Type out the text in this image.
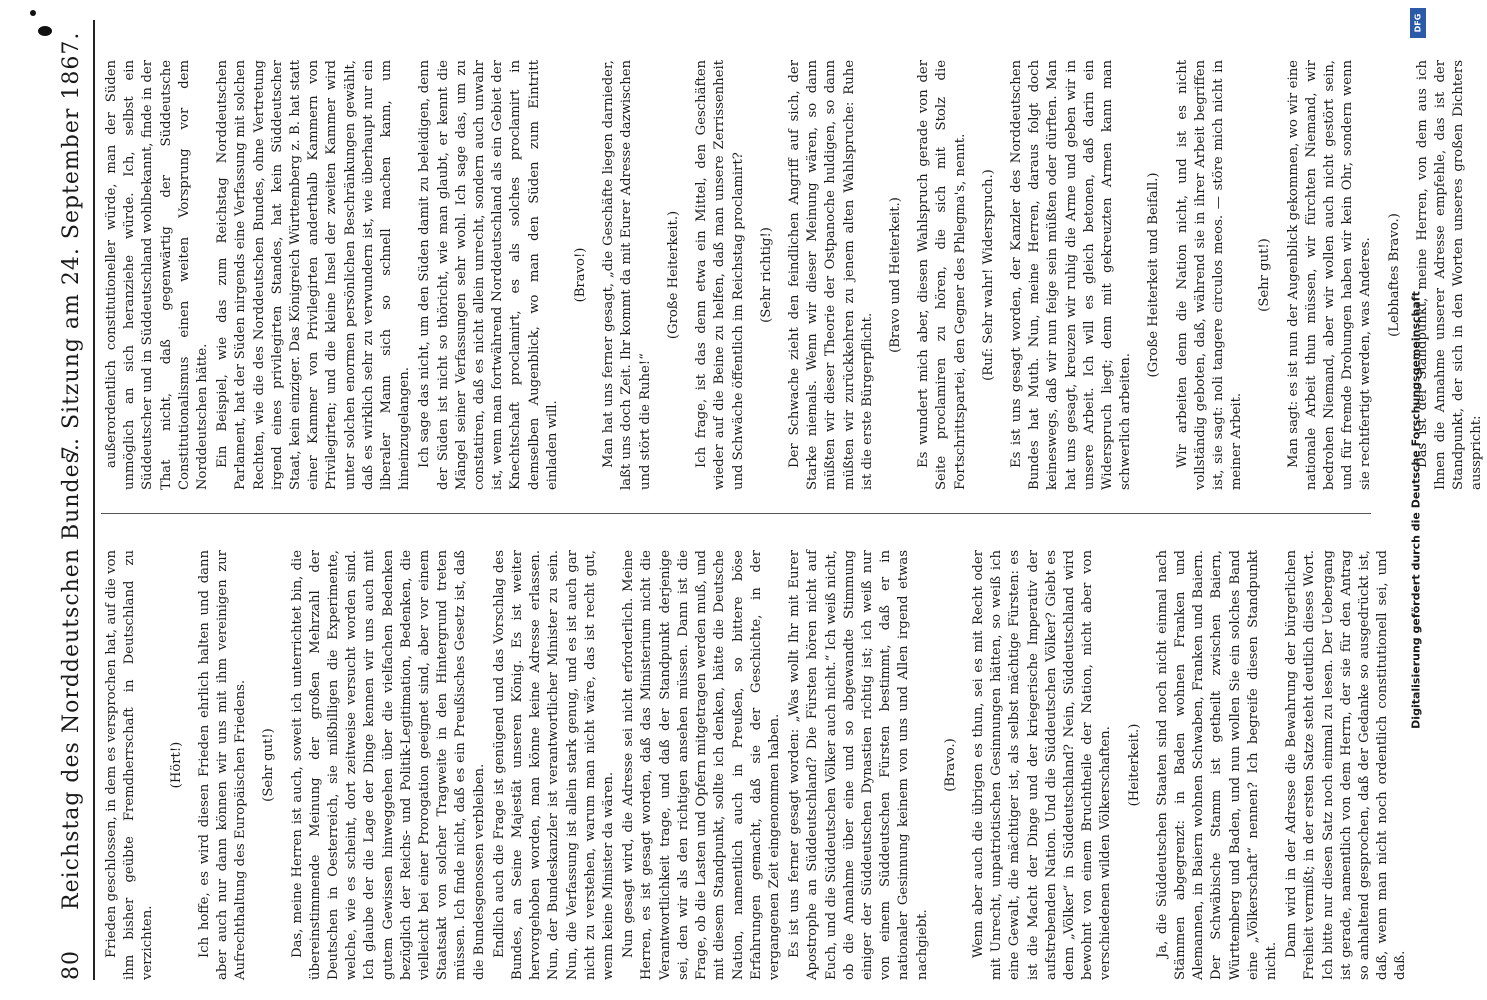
80
Reichstag des Norddeutschen Bundes.
7. Sitzung am 24. September 1867.

Frieden geschlossen, in dem es versprochen hat, auf die von ihm bisher geübte Fremdherrschaft in Deutschland zu verzichten.

(Hört!) Ich hoffe, es wird diesen Frieden ehrlich halten und dann aber auch nur dann können wir uns mit ihm vereinigen zur Aufrechthaltung des Europäischen Friedens. (Sehr gut!) Das, meine Herren ist auch, soweit ich unterrichtet bin, die übereinstimmende Meinung der großen Mehrzahl der Deutschen in Oesterreich, sie mißbilligen die Experimente, welche, wie es scheint, dort zeitweise versucht worden sind. Ich glaube der die Lage der Dinge kennen wir uns auch mit gutem Gewissen hinweggehen über die vielfachen Bedenken bezüglich der Reichs- und Politik-Legitimation, Bedenken, die vielleicht bei einer Prorogation geeignet sind, aber vor einem Staatsakt von solcher Tragweite in den Hintergrund treten müssen. Ich finde nicht, daß es ein Preußisches Gesetz ist, daß die Bundesgenossen verbleiben. Endlich auch die Frage ist genügend und das Vorschlag des Bundes, an Seine Majestät unseren König. Es ist weiter hervorgehoben worden, man könne keine Adresse erlassen. Nun, der Bundeskanzler ist verantwortlicher Minister zu sein. Nun, die Verfassung ist allein stark genug, und es ist auch gar nicht zu verstehen, warum man nicht wäre, das ist recht gut, wenn keine Minister da wären. Nun gesagt wird, die Adresse sei nicht erforderlich. Meine Herren, es ist gesagt worden, daß das Ministerium nicht die Verantwortlichkeit trage, und daß der Standpunkt derjenige sei, den wir als den richtigen ansehen müssen. Dann ist die Frage, ob die Lasten und Opfern mitgetragen werden muß, und mit diesem Standpunkt, sollte ich denken, hätte die Deutsche Nation, namentlich auch in Preußen, so bittere böse Erfahrungen gemacht, daß sie der Geschichte, in der vergangenen Zeit eingenommen haben. Es ist uns ferner gesagt worden: „Was wollt Ihr mit Eurer Apostrophe an Süddeutschland? Die Fürsten hören nicht auf Euch, und die Süddeutschen Völker auch nicht.“ Ich weiß nicht, ob die Annahme über eine und so abgewandte Stimmung einiger der Süddeutschen Dynastien richtig ist; ich weiß nur von einem Süddeutschen Fürsten bestimmt, daß er in nationaler Gesinnung keinem von uns und Allen irgend etwas nachgiebt.

(Bravo.) Wenn aber auch die übrigen es thun, sei es mit Recht oder mit Unrecht, unpatriotischen Gesinnungen hätten, so weiß ich eine Gewalt, die mächtiger ist, als selbst mächtige Fürsten: es ist die Macht der Dinge und der kriegerische Imperativ der aufstrebenden Nation. Und die Süddeutschen Völker? Giebt es denn „Völker“ in Süddeutschland? Nein, Süddeutschland wird bewohnt von einem Bruchtheile der Nation, nicht aber von verschiedenen wilden Völkerschaften. (Heiterkeit.) Ja, die Süddeutschen Staaten sind noch nicht einmal nach Stämmen abgegrenzt: in Baden wohnen Franken und Alemannen, in Baiern wohnen Schwaben, Franken und Baiern. Der Schwäbische Stamm ist getheilt zwischen Baiern, Württemberg und Baden, und nun wollen Sie ein solches Band eine „Völkerschaft“ nennen? Ich begreife diesen Standpunkt nicht.

Dann wird in der Adresse die Bewahrung der bürgerlichen Freiheit vermißt; in der ersten Satze steht deutlich dieses Wort. Ich bitte nur diesen Satz noch einmal zu lesen. Der Uebergang ist gerade, namentlich von dem Herrn, der sie für den Antrag so anhaltend gesprochen, daß der Gedanke so ausgedrückt ist, daß, wenn man nicht noch ordentlich constitutionell sei, und daß.

außerordentlich constitutioneller würde, man der Süden unmöglich an sich heranziehe würde. Ich, selbst ein Süddeutscher und in Süddeutschland wohlbekannt, finde in der That nicht, daß gegenwärtig der Süddeutsche Constitutionalismus einen weiten Vorsprung vor dem Norddeutschen hätte. Ein Beispiel, wie das zum Reichstag Norddeutschen Parlament, hat der Süden nirgends eine Verfassung mit solchen Rechten, wie die des Norddeutschen Bundes, ohne Vertretung irgend eines privilegirten Standes, hat kein Süddeutscher Staat, kein einziger. Das Königreich Württemberg z. B. hat statt einer Kammer von Privilegirten anderthalb Kammern von Privilegirten; und die kleine Insel der zweiten Kammer wird unter solchen enormen persönlichen Beschränkungen gewählt, daß es wirklich sehr zu verwundern ist, wie überhaupt nur ein liberaler Mann sich so schnell machen kann, um hineinzugelangen. Ich sage das nicht, um den Süden damit zu beleidigen, denn der Süden ist nicht so thöricht, wie man glaubt, er kennt die Mängel seiner Verfassungen sehr wohl. Ich sage das, um zu constatiren, daß es nicht allein unrecht, sondern auch unwahr ist, wenn man fortwährend Norddeutschland als ein Gebiet der Knechtschaft proclamirt, es als solches proclamirt in demselben Augenblick, wo man den Süden zum Eintritt einladen will.

(Bravo!) Man hat uns ferner gesagt, „die Geschäfte liegen darnieder, laßt uns doch Zeit. Ihr kommt da mit Eurer Adresse dazwischen und stört die Ruhe!“

(Große Heiterkeit.) Ich frage, ist das denn etwa ein Mittel, den Geschäften wieder auf die Beine zu helfen, daß man unsere Zerrissenheit und Schwäche öffentlich im Reichstag proclamirt? (Sehr richtig!) Der Schwache zieht den feindlichen Angriff auf sich, der Starke niemals. Wenn wir dieser Meinung wären, so dann müßten wir dieser Theorie der Ostpanoche huldigen, so dann müßten wir zurückkehren zu jenem alten Wahlspruche: Ruhe ist die erste Bürgerpflicht.

(Bravo und Heiterkeit.) Es wundert mich aber, diesen Wahlspruch gerade von der Seite proclamiren zu hören, die sich mit Stolz die Fortschrittspartei, den Gegner des Phlegma's, nennt. (Ruf: Sehr wahr! Widerspruch.) Es ist uns gesagt worden, der Kanzler des Norddeutschen Bundes hat Muth. Nun, meine Herren, daraus folgt doch keineswegs, daß wir nun feige sein müßten oder dürften. Man hat uns gesagt, kreuzen wir ruhig die Arme und geben wir in unsere Arbeit. Ich will es gleich betonen, daß darin ein Widerspruch liegt; denn mit gekreuzten Armen kann man schwerlich arbeiten.

(Große Heiterkeit und Beifall.) Wir arbeiten denn die Nation nicht, und ist es nicht vollständig geboten, daß, während sie in ihrer Arbeit begriffen ist, sie sagt: noli tangere circulos meos. — störe mich nicht in meiner Arbeit.

(Sehr gut!) Man sagt: es ist nun der Augenblick gekommen, wo wir eine nationale Arbeit thun müssen, wir fürchten Niemand, wir bedrohen Niemand, aber wir wollen auch nicht gestört sein, und für fremde Drohungen haben wir kein Ohr, sondern wenn sie rechtfertigt werden, was Anderes. (Lebhaftes Bravo.) Das ist der Standpunkt, meine Herren, von dem aus ich Ihnen die Annahme unserer Adresse empfehle, das ist der Standpunkt, der sich in den Worten unseres großen Dichters ausspricht:

Digitalisierung gefördert durch die Deutsche Forschungsgemeinschaft
DFG
